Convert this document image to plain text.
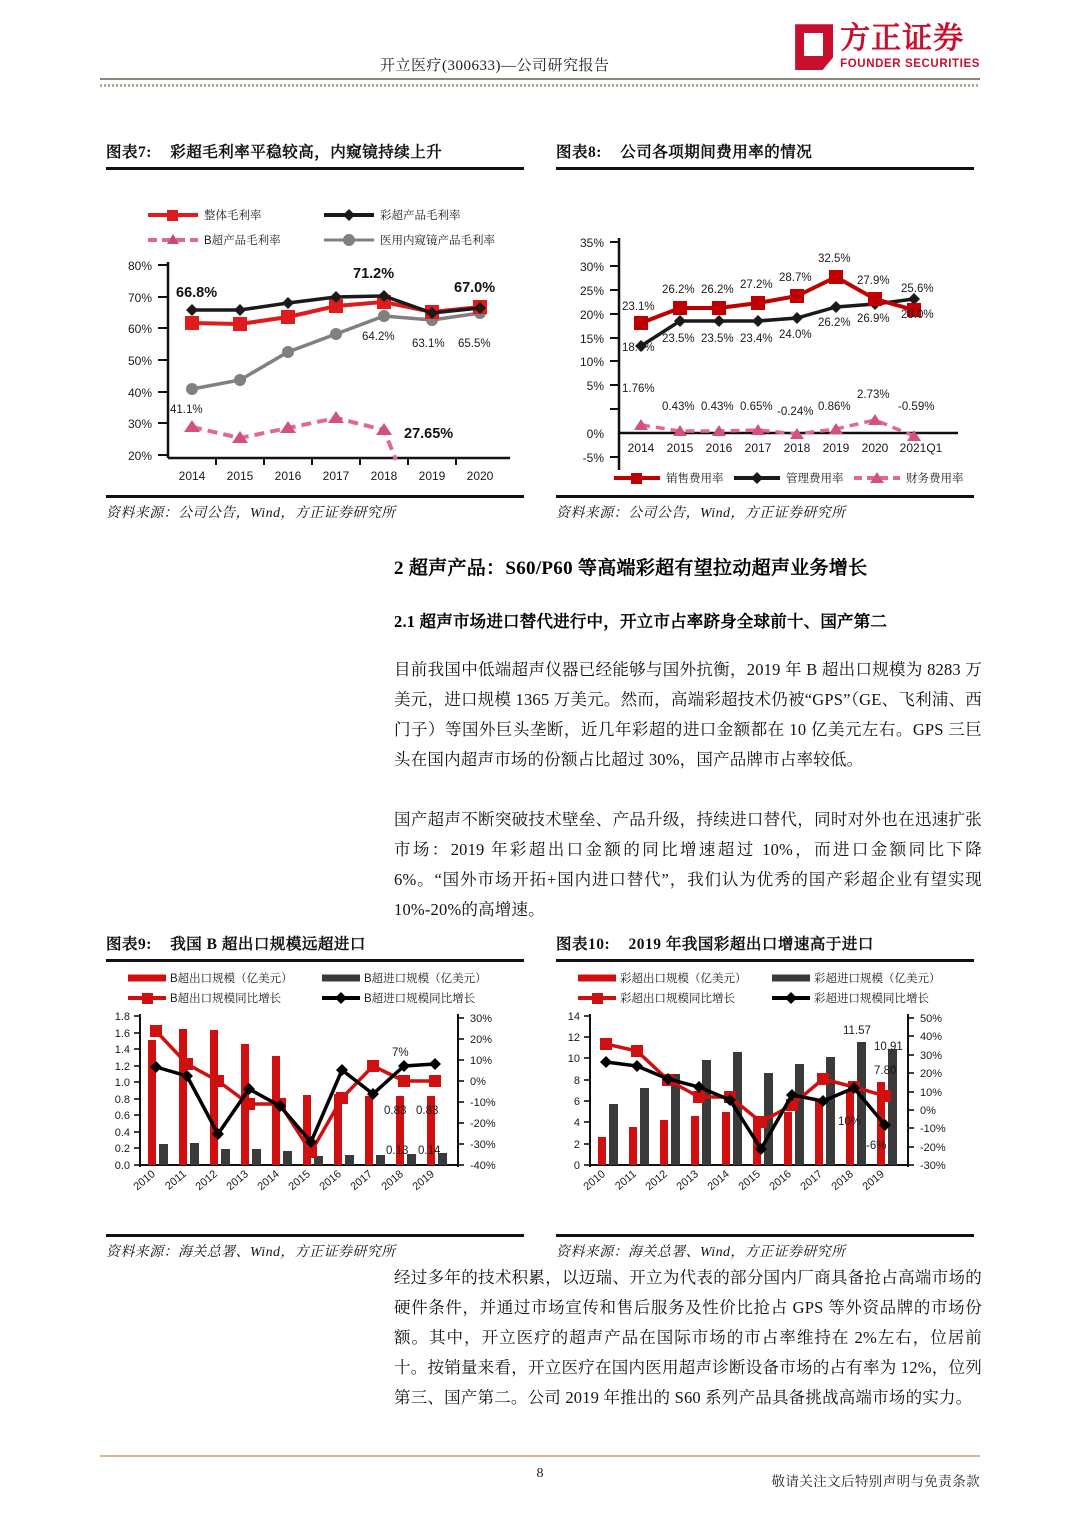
开立医疗(300633)—公司研究报告
方正证券
FOUNDER SECURITIES
图表7: 彩超毛利率平稳较高，内窥镜持续上升
整体毛利率	彩超产品毛利率
B超产品毛利率	医用内窥镜产品毛利率
80%
70%
60%
50%
40%
30%
20%
2014 2015 2016 2017 2018 2019 2020
66.8%
71.2%
67.0%
64.2%
63.1% 65.5%
41.1%
27.65%
资料来源：公司公告，Wind，方正证券研究所
图表8: 公司各项期间费用率的情况
35%
30%
25%
20%
15%
10%
5%
0%
-5%
2014 2015 2016 2017 2018 2019 2020 2021Q1
23.1%
26.2% 26.2% 27.2%
28.7%
32.5%
27.9%
25.6%
18.3%
23.5% 23.5% 23.4% 24.0%
26.2% 26.9% 28.0%
1.76%
0.43% 0.43% 0.65% -0.24% 0.86%
2.73%
-0.59%
销售费用率	管理费用率	财务费用率
资料来源：公司公告，Wind，方正证券研究所
2 超声产品：S60/P60 等高端彩超有望拉动超声业务增长
2.1 超声市场进口替代进行中，开立市占率跻身全球前十、国产第二
目前我国中低端超声仪器已经能够与国外抗衡，2019 年 B 超出口规模为 8283 万美元，进口规模 1365 万美元。然而，高端彩超技术仍被“GPS”（GE、飞利浦、西门子）等国外巨头垄断，近几年彩超的进口金额都在 10 亿美元左右。GPS 三巨头在国内超声市场的份额占比超过 30%，国产品牌市占率较低。
国产超声不断突破技术壁垒、产品升级，持续进口替代，同时对外也在迅速扩张市场：2019 年彩超出口金额的同比增速超过 10%，而进口金额同比下降 6%。“国外市场开拓+国内进口替代”，我们认为优秀的国产彩超企业有望实现10%-20%的高增速。
图表9: 我国 B 超出口规模远超进口
B超出口规模（亿美元）	B超进口规模（亿美元）
B超出口规模同比增长	B超进口规模同比增长
1.8
1.6
1.4
1.2
1.0
0.8
0.6
0.4
0.2
0.0
30%
20%
10%
0%
-10%
-20%
-30%
-40%
7%
0.83 0.83
0.13 0.14
2010 2011 2012 2013 2014 2015 2016 2017 2018 2019
资料来源：海关总署、Wind，方正证券研究所
图表10: 2019 年我国彩超出口增速高于进口
彩超出口规模（亿美元）	彩超进口规模（亿美元）
彩超出口规模同比增长	彩超进口规模同比增长
14
12
10
8
6
4
2
0
50%
40%
30%
20%
10%
0%
-10%
-20%
-30%
11.57
10.91
7.80
10%
-6%
2010 2011 2012 2013 2014 2015 2016 2017 2018 2019
资料来源：海关总署、Wind，方正证券研究所
经过多年的技术积累，以迈瑞、开立为代表的部分国内厂商具备抢占高端市场的硬件条件，并通过市场宣传和售后服务及性价比抢占 GPS 等外资品牌的市场份额。其中，开立医疗的超声产品在国际市场的市占率维持在 2%左右，位居前十。按销量来看，开立医疗在国内医用超声诊断设备市场的占有率为 12%，位列第三、国产第二。公司 2019 年推出的 S60 系列产品具备挑战高端市场的实力。
8
敬请关注文后特别声明与免责条款
